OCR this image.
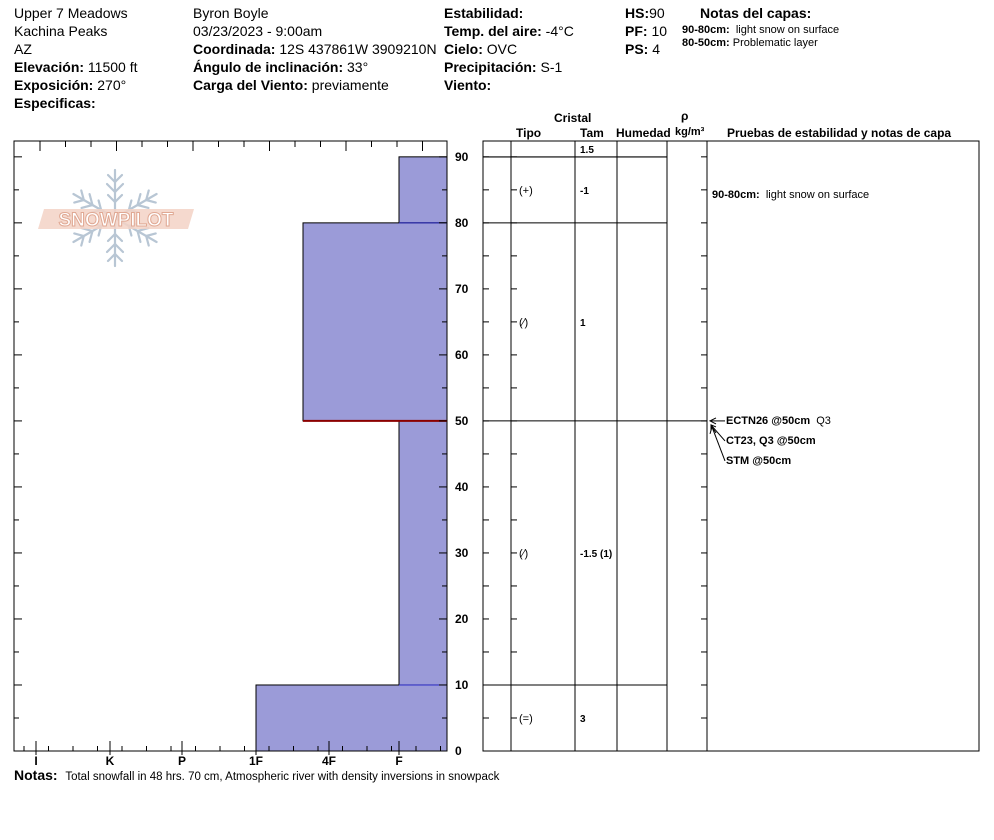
Upper 7 Meadows
Kachina Peaks
AZ
Elevación: 11500 ft
Exposición: 270°
Especificas:
Byron Boyle
03/23/2023 - 9:00am
Coordinada: 12S 437861W 3909210N
Ángulo de inclinación: 33°
Carga del Viento: previamente
Estabilidad:
Temp. del aire: -4°C
Cielo: OVC
Precipitación: S-1
Viento:
HS:90
PF: 10
PS: 4
Notas del capas:
90-80cm: light snow on surface
80-50cm: Problematic layer
SNOWPILOT
I	K	P	1F	4F	F
0
10
20
30
40
50
60
70
80
90
(+)	-1
(⁄)	1
(⁄)	-1.5 (1)
(=)	3
Cristal
Tipo	Tam Humedad
ρ
kg/m³ Pruebas de estabilidad y notas de capa
1.5
90-80cm: light snow on surface
ECTN26 @50cm Q3
CT23, Q3 @50cm
STM @50cm
Notas: Total snowfall in 48 hrs. 70 cm, Atmospheric river with density inversions in snowpack
